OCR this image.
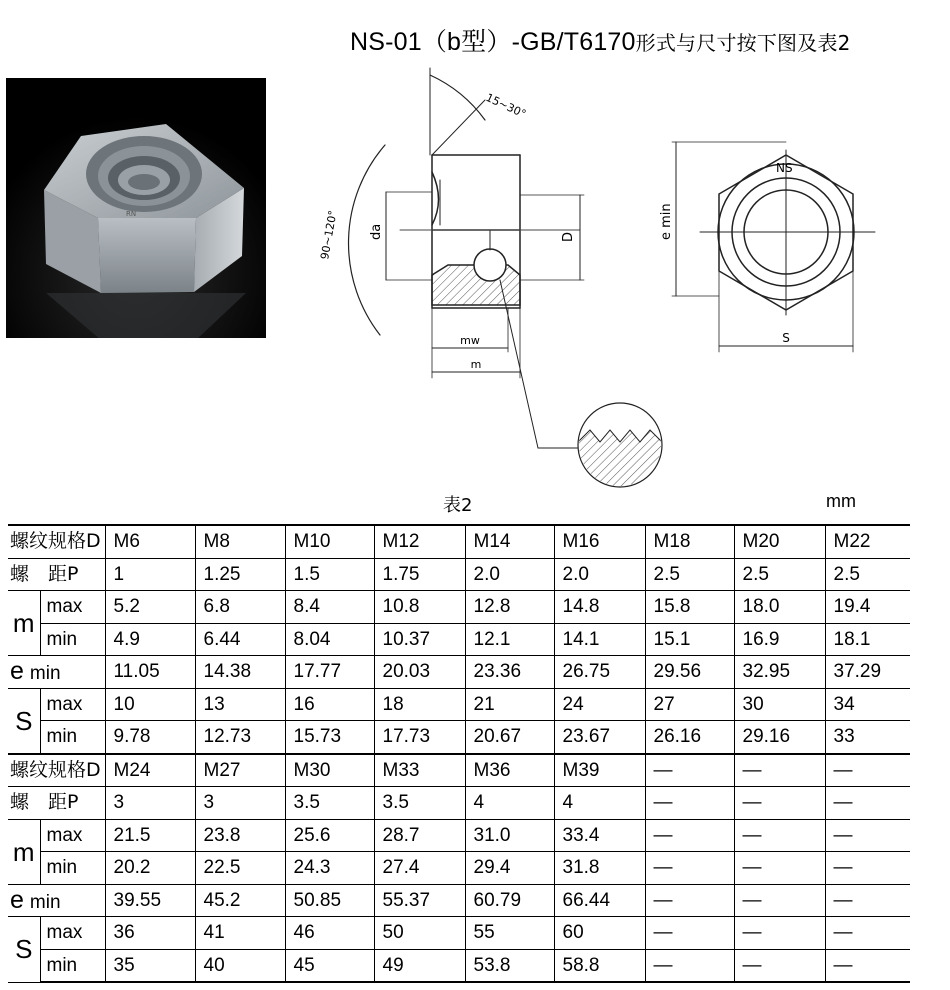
NS-01（b型）-GB/T6170形式与尺寸按下图及表2
RN
15~30°
90~120° da	D
mw
m
NS
e min
S
表2	mm
螺纹规格D		M6	M8	M10	M12	M14	M16	M18	M20	M22
螺　距P		1	1.25	1.5	1.75	2.0	2.0	2.5	2.5	2.5
m	max	5.2	6.8	8.4	10.8	12.8	14.8	15.8	18.0	19.4
	min	4.9	6.44	8.04	10.37	12.1	14.1	15.1	16.9	18.1
e min		11.05	14.38	17.77	20.03	23.36	26.75	29.56	32.95	37.29
S	max	10	13	16	18	21	24	27	30	34
	min	9.78	12.73	15.73	17.73	20.67	23.67	26.16	29.16	33
螺纹规格D		M24	M27	M30	M33	M36	M39	—	—	—
螺　距P		3	3	3.5	3.5	4	4	—	—	—
m	max	21.5	23.8	25.6	28.7	31.0	33.4	—	—	—
	min	20.2	22.5	24.3	27.4	29.4	31.8	—	—	—
e min		39.55	45.2	50.85	55.37	60.79	66.44	—	—	—
S	max	36	41	46	50	55	60	—	—	—
	min	35	40	45	49	53.8	58.8	—	—	—
